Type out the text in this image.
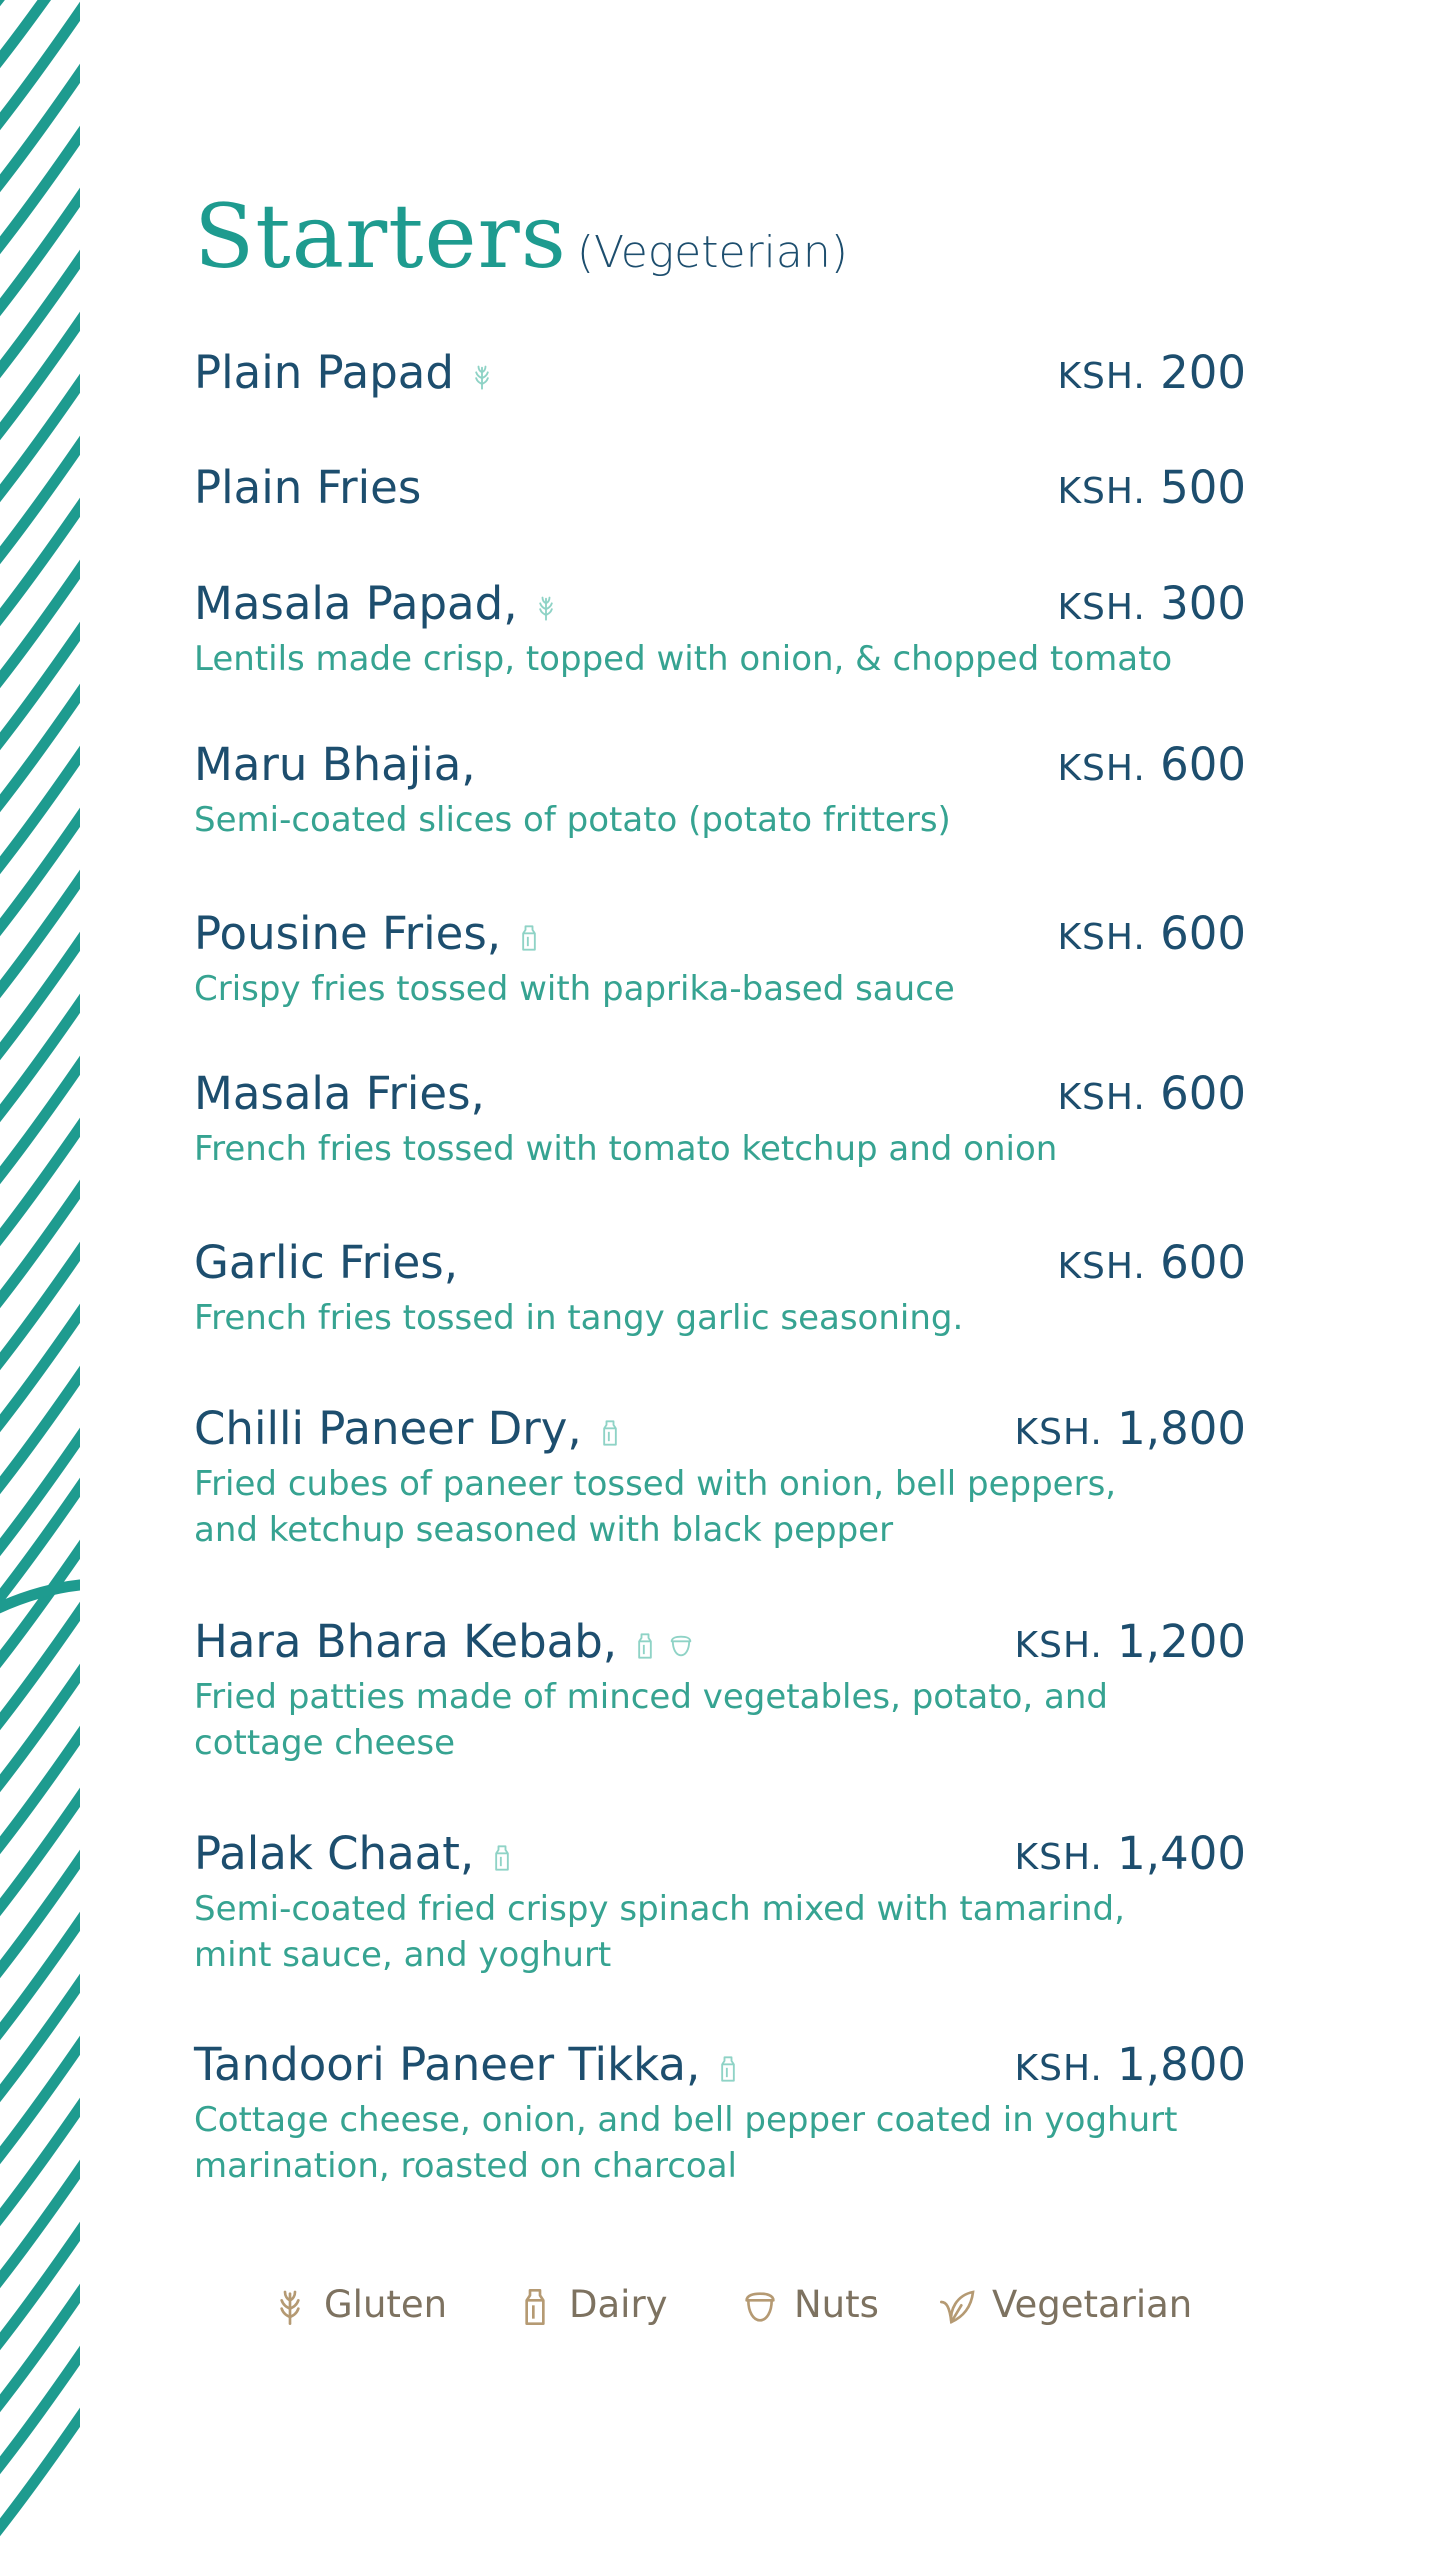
Starters (Vegeterian)
Plain Papad	KSH. 200
Plain Fries	KSH. 500
Masala Papad,	KSH. 300
Lentils made crisp, topped with onion, & chopped tomato
Maru Bhajia,	KSH. 600
Semi-coated slices of potato (potato fritters)
Pousine Fries,	KSH. 600
Crispy fries tossed with paprika-based sauce
Masala Fries,	KSH. 600
French fries tossed with tomato ketchup and onion
Garlic Fries,	KSH. 600
French fries tossed in tangy garlic seasoning.
Chilli Paneer Dry,	KSH. 1,800
Fried cubes of paneer tossed with onion, bell peppers,
and ketchup seasoned with black pepper
Hara Bhara Kebab,	KSH. 1,200
Fried patties made of minced vegetables, potato, and
cottage cheese
Palak Chaat,	KSH. 1,400
Semi-coated fried crispy spinach mixed with tamarind,
mint sauce, and yoghurt
Tandoori Paneer Tikka,	KSH. 1,800
Cottage cheese, onion, and bell pepper coated in yoghurt
marination, roasted on charcoal
Gluten	Dairy	Nuts	Vegetarian
